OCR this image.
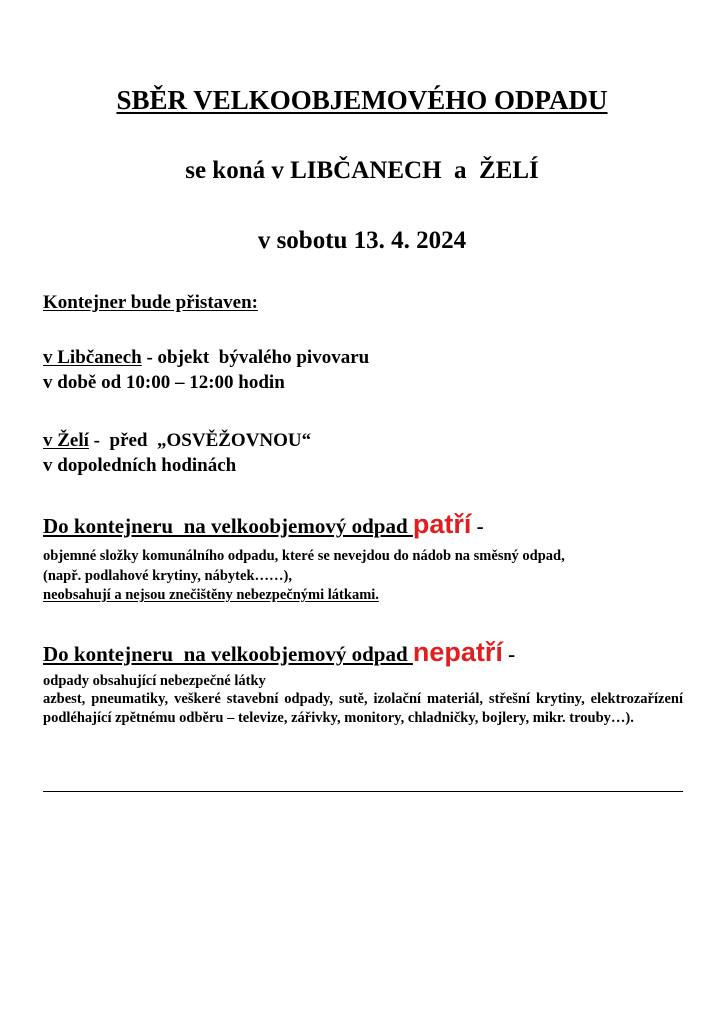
SBĚR VELKOOBJEMOVÉHO ODPADU
se koná v LIBČANECH  a  ŽELÍ
v sobotu 13. 4. 2024
Kontejner bude přistaven:
v Libčanech - objekt  bývalého pivovaru
v době od 10:00 – 12:00 hodin
v Želí -  před  „OSVĚŽOVNOU“
v dopoledních hodinách
Do kontejneru  na velkoobjemový odpad patří -
objemné složky komunálního odpadu, které se nevejdou do nádob na směsný odpad,
(např. podlahové krytiny, nábytek……),
neobsahují a nejsou znečištěny nebezpečnými látkami.
Do kontejneru  na velkoobjemový odpad nepatří -
odpady obsahující nebezpečné látky
azbest, pneumatiky, veškeré stavební odpady, sutě, izolační materiál, střešní krytiny, elektrozařízení podléhající zpětnému odběru – televize, zářivky, monitory, chladničky, bojlery, mikr. trouby…).
